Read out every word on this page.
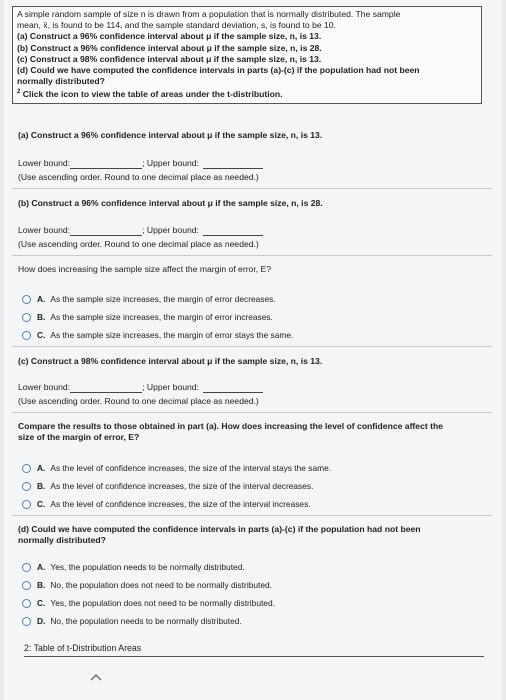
A simple random sample of size n is drawn from a population that is normally distributed. The sample

mean, x̄, is found to be 114, and the sample standard deviation, s, is found to be 10.

(a) Construct a 96% confidence interval about μ if the sample size, n, is 13.

(b) Construct a 96% confidence interval about μ if the sample size, n, is 28.

(c) Construct a 98% confidence interval about μ if the sample size, n, is 13.

(d) Could we have computed the confidence intervals in parts (a)-(c) if the population had not been

normally distributed?

$^2$ Click the icon to view the table of areas under the t-distribution.

(a) Construct a 96% confidence interval about μ if the sample size, n, is 13.
Lower bound:	; Upper bound:
(Use ascending order. Round to one decimal place as needed.)
(b) Construct a 96% confidence interval about μ if the sample size, n, is 28.
Lower bound:	; Upper bound:
(Use ascending order. Round to one decimal place as needed.)
How does increasing the sample size affect the margin of error, E?
A. As the sample size increases, the margin of error decreases.
B. As the sample size increases, the margin of error increases.
C. As the sample size increases, the margin of error stays the same.
(c) Construct a 98% confidence interval about μ if the sample size, n, is 13.
Lower bound:	; Upper bound:
(Use ascending order. Round to one decimal place as needed.)
Compare the results to those obtained in part (a). How does increasing the level of confidence affect the
size of the margin of error, E?
A. As the level of confidence increases, the size of the interval stays the same.
B. As the level of confidence increases, the size of the interval decreases.
C. As the level of confidence increases, the size of the interval increases.
(d) Could we have computed the confidence intervals in parts (a)-(c) if the population had not been
normally distributed?
A. Yes, the population needs to be normally distributed.
B. No, the population does not need to be normally distributed.
C. Yes, the population does not need to be normally distributed.
D. No, the population needs to be normally distributed.
2: Table of t-Distribution Areas
